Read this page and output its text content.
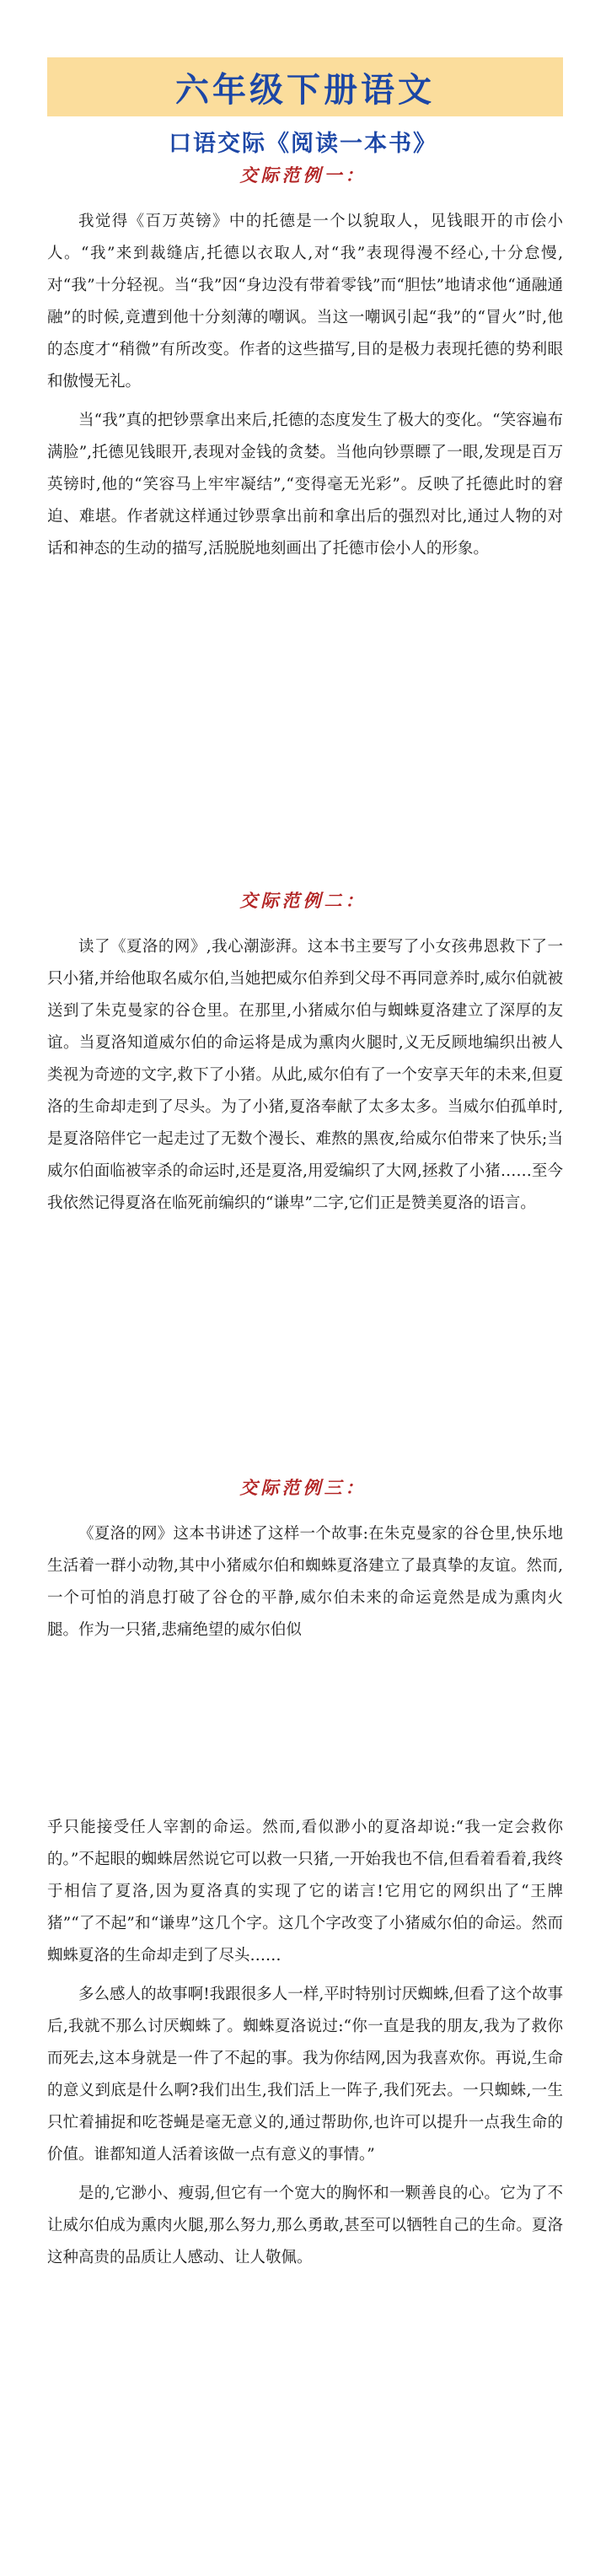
六年级下册语文
口语交际《阅读一本书》
交际范例一：

我觉得《百万英镑》中的托德是一个以貌取人，见钱眼开的市侩小人。“我”来到裁缝店,托德以衣取人,对“我”表现得漫不经心,十分怠慢,对“我”十分轻视。当“我”因“身边没有带着零钱”而“胆怯”地请求他“通融通融”的时候,竟遭到他十分刻薄的嘲讽。当这一嘲讽引起“我”的“冒火”时,他的态度才“稍微”有所改变。作者的这些描写,目的是极力表现托德的势利眼和傲慢无礼。

当“我”真的把钞票拿出来后,托德的态度发生了极大的变化。“笑容遍布满脸”,托德见钱眼开,表现对金钱的贪婪。当他向钞票瞟了一眼,发现是百万英镑时,他的“笑容马上牢牢凝结”,“变得毫无光彩”。反映了托德此时的窘迫、难堪。作者就这样通过钞票拿出前和拿出后的强烈对比,通过人物的对话和神态的生动的描写,活脱脱地刻画出了托德市侩小人的形象。

交际范例二：

读了《夏洛的网》,我心潮澎湃。这本书主要写了小女孩弗恩救下了一只小猪,并给他取名威尔伯,当她把威尔伯养到父母不再同意养时,威尔伯就被送到了朱克曼家的谷仓里。在那里,小猪威尔伯与蜘蛛夏洛建立了深厚的友谊。当夏洛知道威尔伯的命运将是成为熏肉火腿时,义无反顾地编织出被人类视为奇迹的文字,救下了小猪。从此,威尔伯有了一个安享天年的未来,但夏洛的生命却走到了尽头。为了小猪,夏洛奉献了太多太多。当威尔伯孤单时,是夏洛陪伴它一起走过了无数个漫长、难熬的黑夜,给威尔伯带来了快乐;当威尔伯面临被宰杀的命运时,还是夏洛,用爱编织了大网,拯救了小猪……至今我依然记得夏洛在临死前编织的“谦卑”二字,它们正是赞美夏洛的语言。

交际范例三：

《夏洛的网》这本书讲述了这样一个故事:在朱克曼家的谷仓里,快乐地生活着一群小动物,其中小猪威尔伯和蜘蛛夏洛建立了最真挚的友谊。然而,一个可怕的消息打破了谷仓的平静,威尔伯未来的命运竟然是成为熏肉火腿。作为一只猪,悲痛绝望的威尔伯似

乎只能接受任人宰割的命运。然而,看似渺小的夏洛却说:“我一定会救你的。”不起眼的蜘蛛居然说它可以救一只猪,一开始我也不信,但看着看着,我终于相信了夏洛,因为夏洛真的实现了它的诺言!它用它的网织出了“王牌猪”“了不起”和“谦卑”这几个字。这几个字改变了小猪威尔伯的命运。然而蜘蛛夏洛的生命却走到了尽头……

多么感人的故事啊!我跟很多人一样,平时特别讨厌蜘蛛,但看了这个故事后,我就不那么讨厌蜘蛛了。蜘蛛夏洛说过:“你一直是我的朋友,我为了救你而死去,这本身就是一件了不起的事。我为你结网,因为我喜欢你。再说,生命的意义到底是什么啊?我们出生,我们活上一阵子,我们死去。一只蜘蛛,一生只忙着捕捉和吃苍蝇是毫无意义的,通过帮助你,也许可以提升一点我生命的价值。谁都知道人活着该做一点有意义的事情。”

是的,它渺小、瘦弱,但它有一个宽大的胸怀和一颗善良的心。它为了不让威尔伯成为熏肉火腿,那么努力,那么勇敢,甚至可以牺牲自己的生命。夏洛这种高贵的品质让人感动、让人敬佩。
